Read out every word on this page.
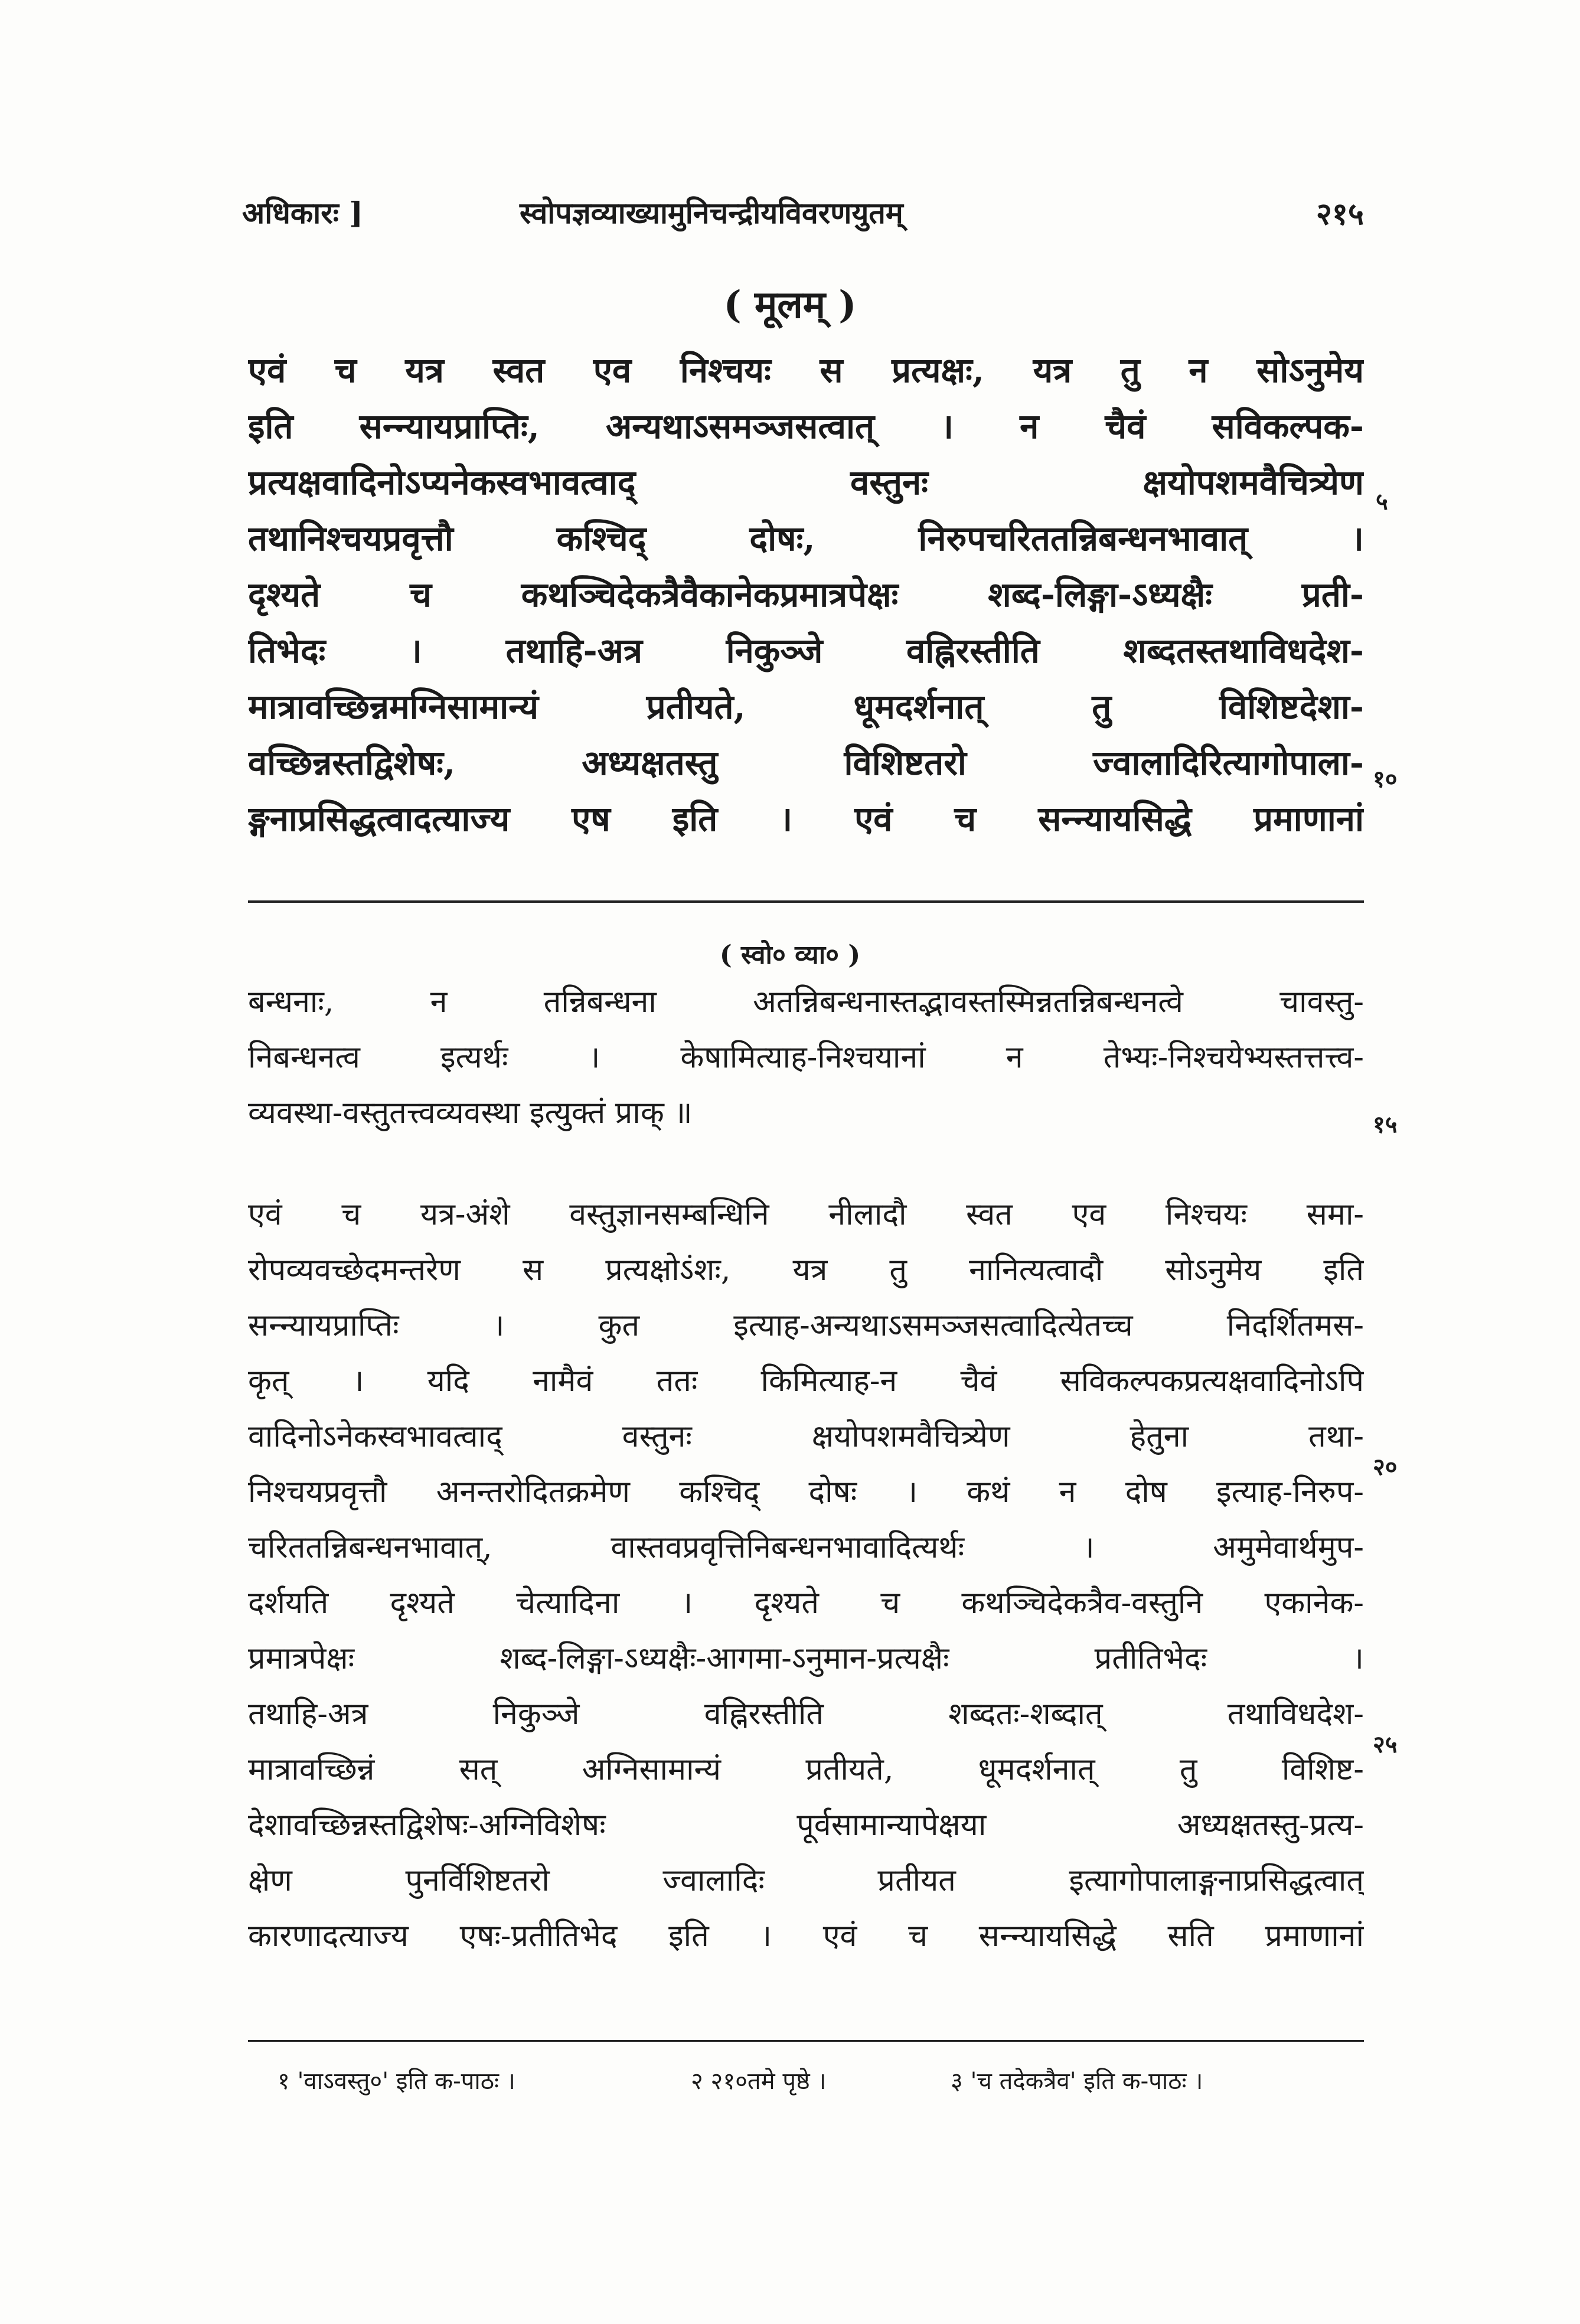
अधिकारः ]	स्वोपज्ञव्याख्यामुनिचन्द्रीयविवरणयुतम्	२१५
( मूलम् )
एवं च यत्र स्वत एव निश्चयः स प्रत्यक्षः, यत्र तु न सोऽनुमेय
इति सन्न्यायप्राप्तिः, अन्यथाऽसमञ्जसत्वात् । न चैवं सविकल्पक-
प्रत्यक्षवादिनोऽप्यनेकस्वभावत्वाद् वस्तुनः क्षयोपशमवैचित्र्येण
तथानिश्चयप्रवृत्तौ कश्चिद् दोषः, निरुपचरिततन्निबन्धनभावात् ।
दृश्यते च कथञ्चिदेकत्रैवैकानेकप्रमात्रपेक्षः शब्द-लिङ्गा-ऽध्यक्षैः प्रती-
तिभेदः । तथाहि-अत्र निकुञ्जे वह्निरस्तीति शब्दतस्तथाविधदेश-
मात्रावच्छिन्नमग्निसामान्यं प्रतीयते, धूमदर्शनात् तु विशिष्टदेशा-
वच्छिन्नस्तद्विशेषः, अध्यक्षतस्तु विशिष्टतरो ज्वालादिरित्यागोपाला-
ङ्गनाप्रसिद्धत्वादत्याज्य एष इति । एवं च सन्न्यायसिद्धे प्रमाणानां
५
१०
( स्वो० व्या० )
बन्धनाः, न तन्निबन्धना अतन्निबन्धनास्तद्भावस्तस्मिन्नतन्निबन्धनत्वे चावस्तु-
निबन्धनत्व इत्यर्थः । केषामित्याह-निश्चयानां न तेभ्यः-निश्चयेभ्यस्तत्तत्त्व-
व्यवस्था-वस्तुतत्त्वव्यवस्था इत्युक्तं प्राक् ॥	१५
एवं च यत्र-अंशे वस्तुज्ञानसम्बन्धिनि नीलादौ स्वत एव निश्चयः समा-
रोपव्यवच्छेदमन्तरेण स प्रत्यक्षोऽंशः, यत्र तु नानित्यत्वादौ सोऽनुमेय इति
सन्न्यायप्राप्तिः । कुत इत्याह-अन्यथाऽसमञ्जसत्वादित्येतच्च निदर्शितमस-
कृत् । यदि नामैवं ततः किमित्याह-न चैवं सविकल्पकप्रत्यक्षवादिनोऽपि
वादिनोऽनेकस्वभावत्वाद् वस्तुनः क्षयोपशमवैचित्र्येण हेतुना तथा-
निश्चयप्रवृत्तौ अनन्तरोदितक्रमेण कश्चिद् दोषः । कथं न दोष इत्याह-निरुप-
चरिततन्निबन्धनभावात्, वास्तवप्रवृत्तिनिबन्धनभावादित्यर्थः । अमुमेवार्थमुप-
दर्शयति दृश्यते चेत्यादिना । दृश्यते च कथञ्चिदेकत्रैव-वस्तुनि एकानेक-
प्रमात्रपेक्षः शब्द-लिङ्गा-ऽध्यक्षैः-आगमा-ऽनुमान-प्रत्यक्षैः प्रतीतिभेदः ।
तथाहि-अत्र निकुञ्जे वह्निरस्तीति शब्दतः-शब्दात् तथाविधदेश-
मात्रावच्छिन्नं सत् अग्निसामान्यं प्रतीयते, धूमदर्शनात् तु विशिष्ट-
देशावच्छिन्नस्तद्विशेषः-अग्निविशेषः पूर्वसामान्यापेक्षया अध्यक्षतस्तु-प्रत्य-
क्षेण पुनर्विशिष्टतरो ज्वालादिः प्रतीयत इत्यागोपालाङ्गनाप्रसिद्धत्वात्
कारणादत्याज्य एषः-प्रतीतिभेद इति । एवं च सन्न्यायसिद्धे सति प्रमाणानां
२०
२५
१ 'वाऽवस्तु०' इति क-पाठः ।	२ २१०तमे पृष्ठे ।	३ 'च तदेकत्रैव' इति क-पाठः ।
